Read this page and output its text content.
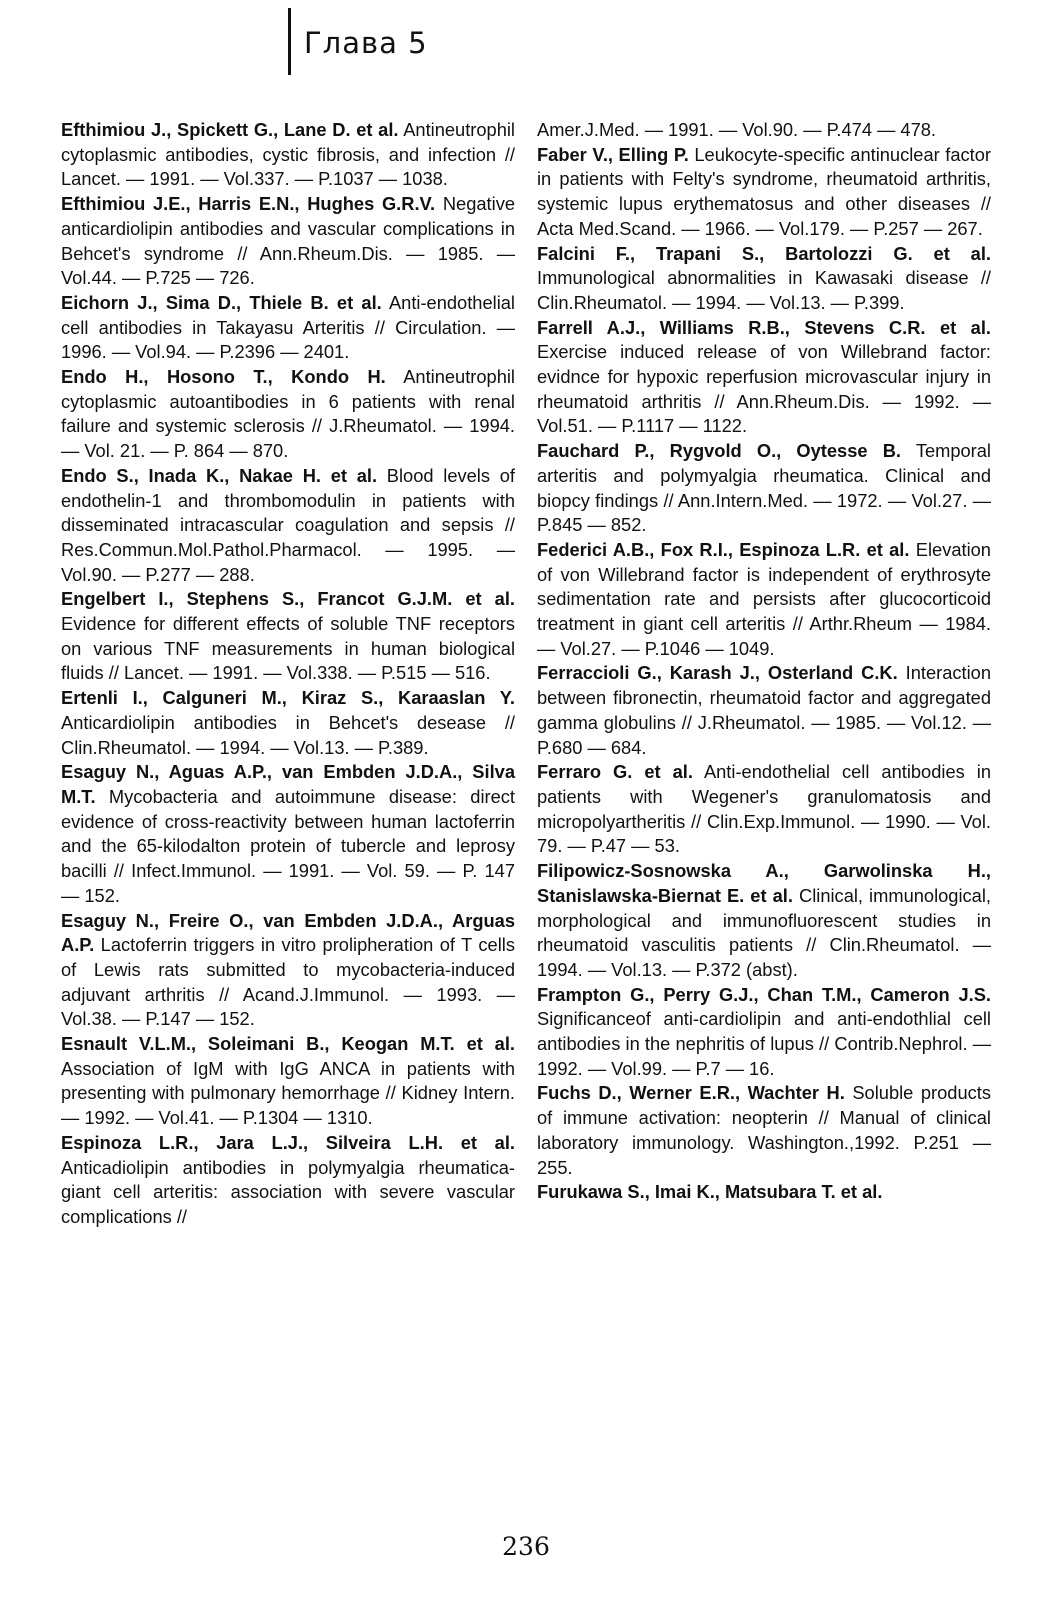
Глава 5

Efthimiou J., Spickett G., Lane D. et al. Antineutrophil cytoplasmic antibodies, cystic fibrosis, and infection // Lancet. — 1991. — Vol.337. — P.1037 — 1038.

Efthimiou J.E., Harris E.N., Hughes G.R.V. Negative anticardiolipin antibodies and vascular complications in Behcet's syndrome // Ann.Rheum.Dis. — 1985. — Vol.44. — P.725 — 726.

Eichorn J., Sima D., Thiele B. et al. Anti-endothelial cell antibodies in Takayasu Arteritis // Circulation. — 1996. — Vol.94. — P.2396 — 2401.

Endo H., Hosono T., Kondo H. Antineutrophil cytoplasmic autoantibodies in 6 patients with renal failure and systemic sclerosis // J.Rheumatol. — 1994. — Vol. 21. — P. 864 — 870.

Endo S., Inada K., Nakae H. et al. Blood levels of endothelin-1 and thrombomodulin in patients with disseminated intracascular coagulation and sepsis // Res.Commun.Mol.Pathol.Pharmacol. — 1995. — Vol.90. — P.277 — 288.

Engelbert I., Stephens S., Francot G.J.M. et al. Evidence for different effects of soluble TNF receptors on various TNF measurements in human biological fluids // Lancet. — 1991. — Vol.338. — P.515 — 516.

Ertenli I., Calguneri M., Kiraz S., Karaaslan Y. Anticardiolipin antibodies in Behcet's desease // Clin.Rheumatol. — 1994. — Vol.13. — P.389.

Esaguy N., Aguas A.P., van Embden J.D.A., Silva M.T. Mycobacteria and autoimmune disease: direct evidence of cross-reactivity between human lactoferrin and the 65-kilodalton protein of tubercle and leprosy bacilli // Infect.Immunol. — 1991. — Vol. 59. — P. 147 — 152.

Esaguy N., Freire O., van Embden J.D.A., Arguas A.P. Lactoferrin triggers in vitro prolipheration of T cells of Lewis rats submitted to mycobacteria-induced adjuvant arthritis // Acand.J.Immunol. — 1993. — Vol.38. — P.147 — 152.

Esnault V.L.M., Soleimani B., Keogan M.T. et al. Association of IgM with IgG ANCA in patients with presenting with pulmonary hemorrhage // Kidney Intern. — 1992. — Vol.41. — P.1304 — 1310.

Espinoza L.R., Jara L.J., Silveira L.H. et al. Anticadiolipin antibodies in polymyalgia rheumatica-giant cell arteritis: association with severe vascular complications //

Amer.J.Med. — 1991. — Vol.90. — P.474 — 478.

Faber V., Elling P. Leukocyte-specific antinuclear factor in patients with Felty's syndrome, rheumatoid arthritis, systemic lupus erythematosus and other diseases // Acta Med.Scand. — 1966. — Vol.179. — P.257 — 267.

Falcini F., Trapani S., Bartolozzi G. et al. Immunological abnormalities in Kawasaki disease // Clin.Rheumatol. — 1994. — Vol.13. — P.399.

Farrell A.J., Williams R.B., Stevens C.R. et al. Exercise induced release of von Willebrand factor: evidnce for hypoxic reperfusion microvascular injury in rheumatoid arthritis // Ann.Rheum.Dis. — 1992. — Vol.51. — P.1117 — 1122.

Fauchard P., Rygvold O., Oytesse B. Temporal arteritis and polymyalgia rheumatica. Clinical and biopcy findings // Ann.Intern.Med. — 1972. — Vol.27. — P.845 — 852.

Federici A.B., Fox R.I., Espinoza L.R. et al. Elevation of von Willebrand factor is independent of erythrosyte sedimentation rate and persists after glucocorticoid treatment in giant cell arteritis // Arthr.Rheum — 1984. — Vol.27. — P.1046 — 1049.

Ferraccioli G., Karash J., Osterland C.K. Interaction between fibronectin, rheumatoid factor and aggregated gamma globulins // J.Rheumatol. — 1985. — Vol.12. — P.680 — 684.

Ferraro G. et al. Anti-endothelial cell antibodies in patients with Wegener's granulomatosis and micropolyartheritis // Clin.Exp.Immunol. — 1990. — Vol. 79. — P.47 — 53.

Filipowicz-Sosnowska A., Garwolinska H., Stanislawska-Biernat E. et al. Clinical, immunological, morphological and immunofluorescent studies in rheumatoid vasculitis patients // Clin.Rheumatol. — 1994. — Vol.13. — P.372 (abst).

Frampton G., Perry G.J., Chan T.M., Cameron J.S. Significanceof anti-cardiolipin and anti-endothlial cell antibodies in the nephritis of lupus // Contrib.Nephrol. — 1992. — Vol.99. — P.7 — 16.

Fuchs D., Werner E.R., Wachter H. Soluble products of immune activation: neopterin // Manual of clinical laboratory immunology. Washington.,1992. P.251 — 255.

Furukawa S., Imai K., Matsubara T. et al.

236
